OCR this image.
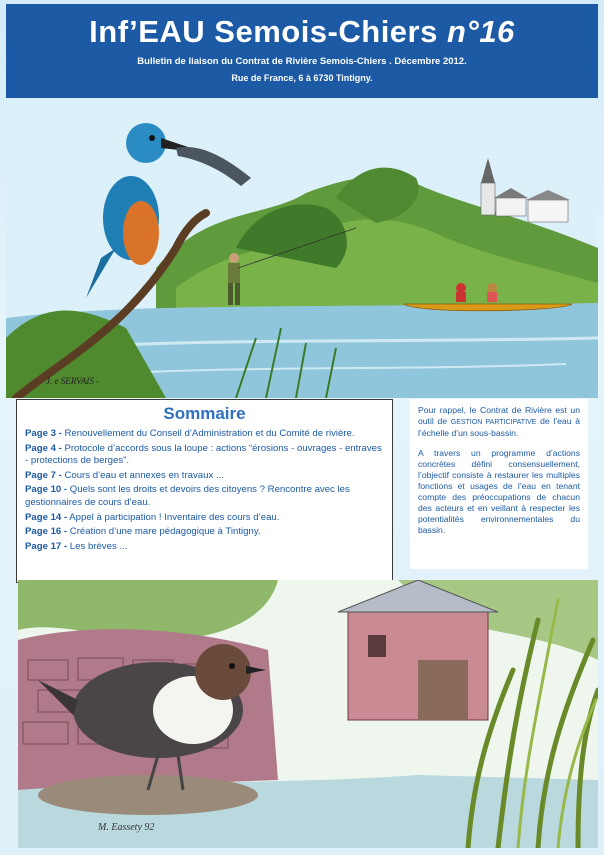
Inf’EAU Semois-Chiers n°16
Bulletin de liaison du Contrat de Rivière Semois-Chiers . Décembre 2012.
Rue de France, 6 à 6730 Tintigny.
J. e SERVAIS -
Sommaire
Page 3 - Renouvellement du Conseil d’Administration et du Comité de rivière.
Page 4 - Protocole d’accords sous la loupe : actions “érosions - ouvrages - entraves - protections de berges”.
Page 7 - Cours d’eau et annexes en travaux ...
Page 10 - Quels sont les droits et devoirs des citoyens ? Rencontre avec les gestionnaires de cours d’eau.
Page 14 - Appel à participation ! Inventaire des cours d’eau.
Page 16 - Création d’une mare pédagogique à Tintigny.
Page 17 - Les brèves ...

Pour rappel, le Contrat de Rivière est un outil de GESTION PARTICIPATIVE de l’eau à l’échelle d’un sous-bassin.

A travers un programme d’actions concrètes défini consensuellement, l’objectif consiste à restaurer les multiples fonctions et usages de l’eau en tenant compte des préoccupations de chacun des acteurs et en veillant à respecter les potentialités environnementales du bassin.

M. Eassety 92
